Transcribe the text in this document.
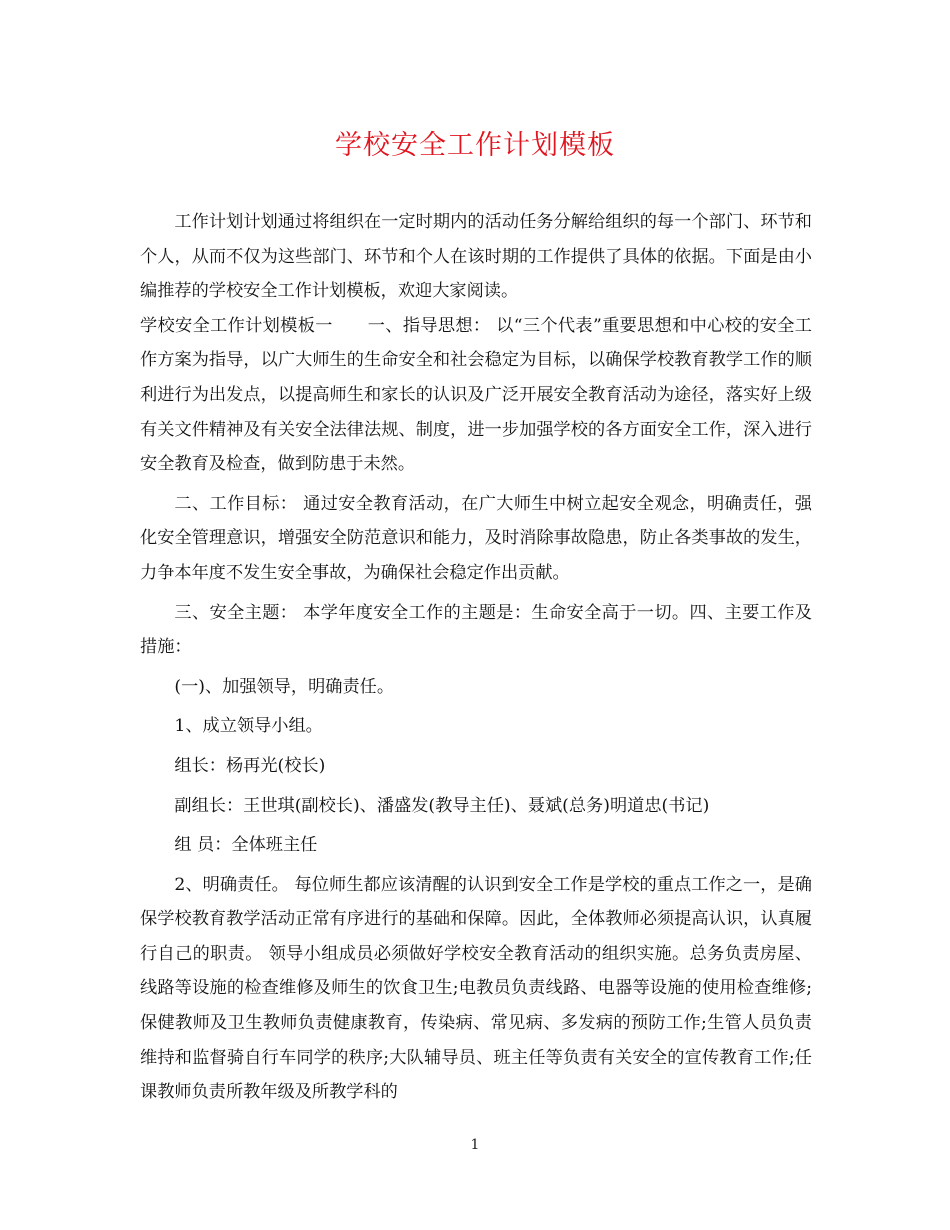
学校安全工作计划模板

工作计划计划通过将组织在一定时期内的活动任务分解给组织的每一个部门、环节和个人，从而不仅为这些部门、环节和个人在该时期的工作提供了具体的依据。下面是由小编推荐的学校安全工作计划模板，欢迎大家阅读。

学校安全工作计划模板一　　一、指导思想： 以“三个代表”重要思想和中心校的安全工作方案为指导，以广大师生的生命安全和社会稳定为目标，以确保学校教育教学工作的顺利进行为出发点，以提高师生和家长的认识及广泛开展安全教育活动为途径，落实好上级有关文件精神及有关安全法律法规、制度，进一步加强学校的各方面安全工作，深入进行安全教育及检查，做到防患于未然。

二、工作目标： 通过安全教育活动，在广大师生中树立起安全观念，明确责任，强化安全管理意识，增强安全防范意识和能力，及时消除事故隐患，防止各类事故的发生，力争本年度不发生安全事故，为确保社会稳定作出贡献。

三、安全主题： 本学年度安全工作的主题是：生命安全高于一切。四、主要工作及措施：

(一)、加强领导，明确责任。

1、成立领导小组。

组长：杨再光(校长)

副组长：王世琪(副校长)、潘盛发(教导主任)、聂斌(总务)明道忠(书记)

组 员：全体班主任

2、明确责任。 每位师生都应该清醒的认识到安全工作是学校的重点工作之一，是确保学校教育教学活动正常有序进行的基础和保障。因此，全体教师必须提高认识，认真履行自己的职责。 领导小组成员必须做好学校安全教育活动的组织实施。总务负责房屋、线路等设施的检查维修及师生的饮食卫生;电教员负责线路、电器等设施的使用检查维修;保健教师及卫生教师负责健康教育，传染病、常见病、多发病的预防工作;生管人员负责维持和监督骑自行车同学的秩序;大队辅导员、班主任等负责有关安全的宣传教育工作;任课教师负责所教年级及所教学科的

1
